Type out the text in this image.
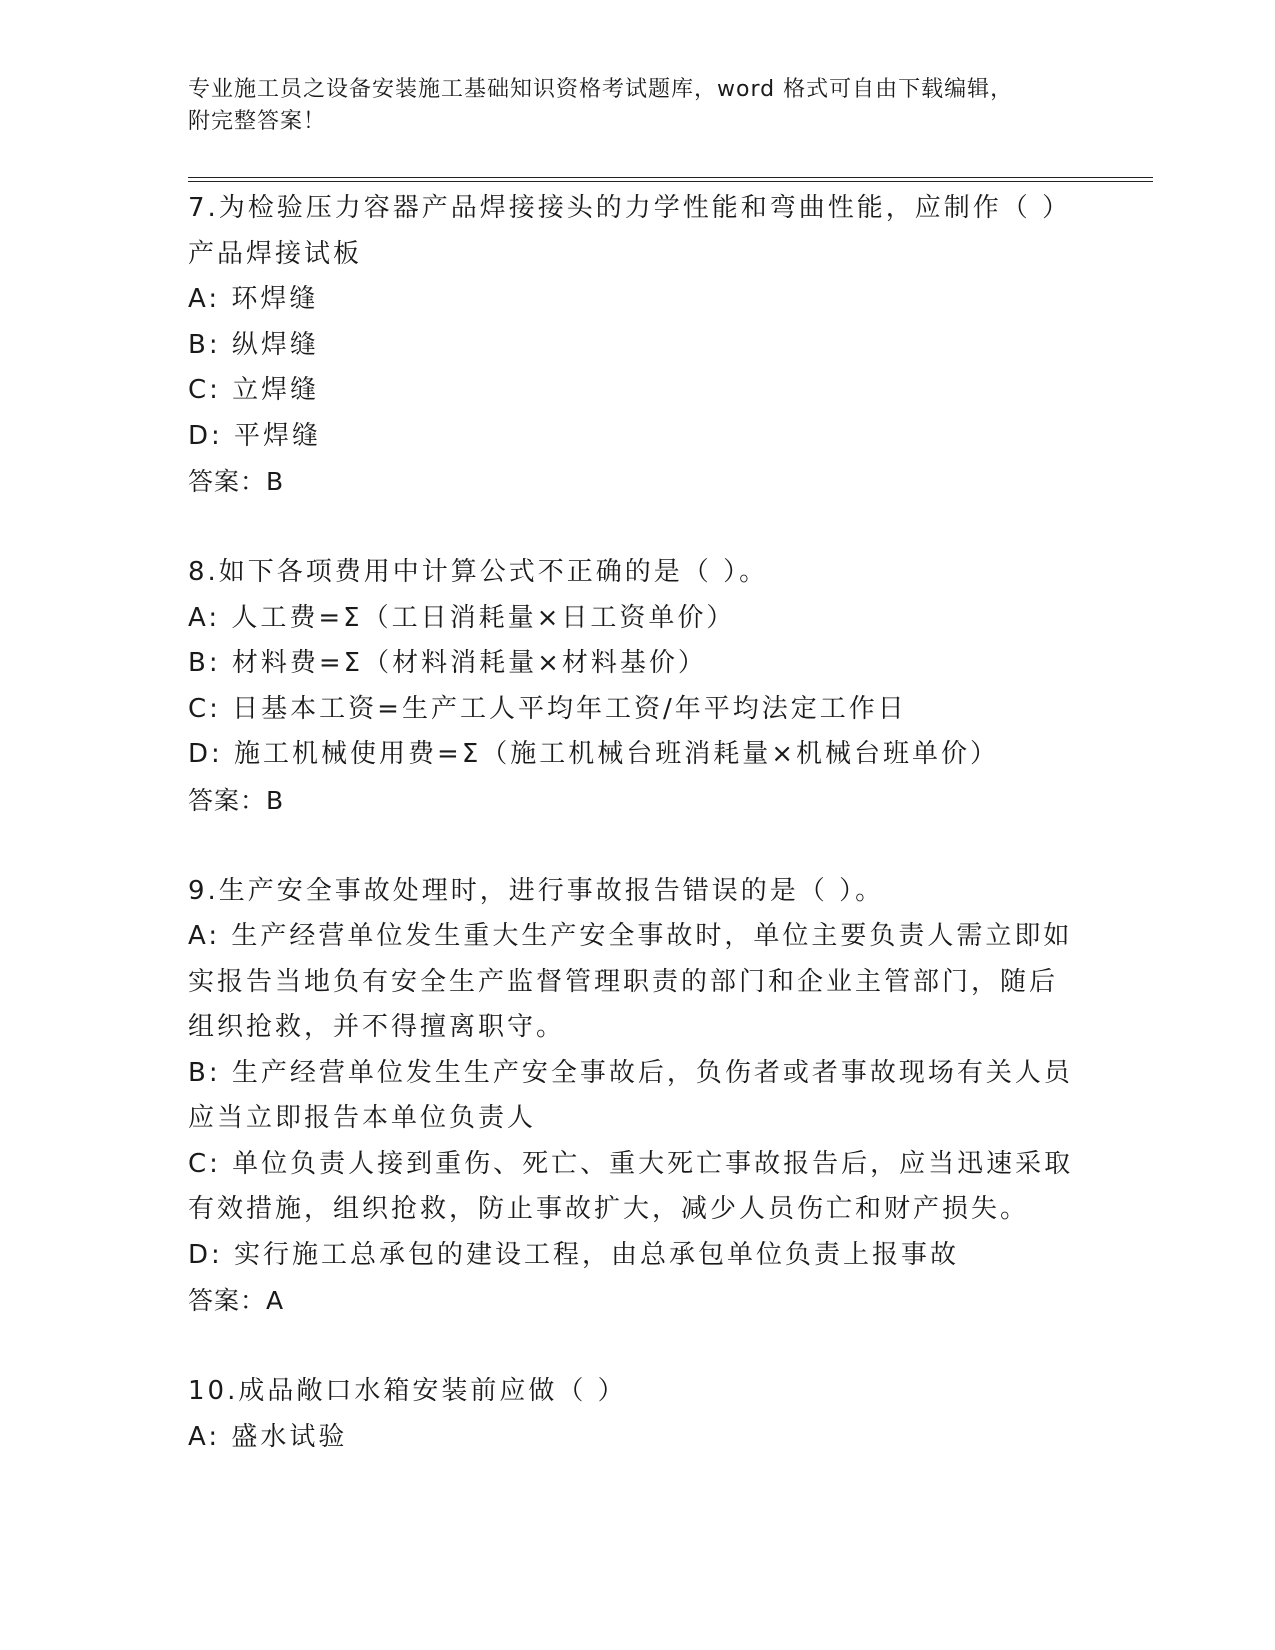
专业施工员之设备安装施工基础知识资格考试题库，word 格式可自由下载编辑，
附完整答案！
7.为检验压力容器产品焊接接头的力学性能和弯曲性能，应制作（ ）
产品焊接试板
A: 环焊缝
B: 纵焊缝
C: 立焊缝
D: 平焊缝
答案：B
8.如下各项费用中计算公式不正确的是（ ）。
A: 人工费=Σ（工日消耗量×日工资单价）
B: 材料费=Σ（材料消耗量×材料基价）
C: 日基本工资=生产工人平均年工资/年平均法定工作日
D: 施工机械使用费=Σ（施工机械台班消耗量×机械台班单价）
答案：B
9.生产安全事故处理时，进行事故报告错误的是（ ）。
A: 生产经营单位发生重大生产安全事故时，单位主要负责人需立即如
实报告当地负有安全生产监督管理职责的部门和企业主管部门，随后
组织抢救，并不得擅离职守。
B: 生产经营单位发生生产安全事故后，负伤者或者事故现场有关人员
应当立即报告本单位负责人
C: 单位负责人接到重伤、死亡、重大死亡事故报告后，应当迅速采取
有效措施，组织抢救，防止事故扩大，减少人员伤亡和财产损失。
D: 实行施工总承包的建设工程，由总承包单位负责上报事故
答案：A
10.成品敞口水箱安装前应做（ ）
A: 盛水试验
